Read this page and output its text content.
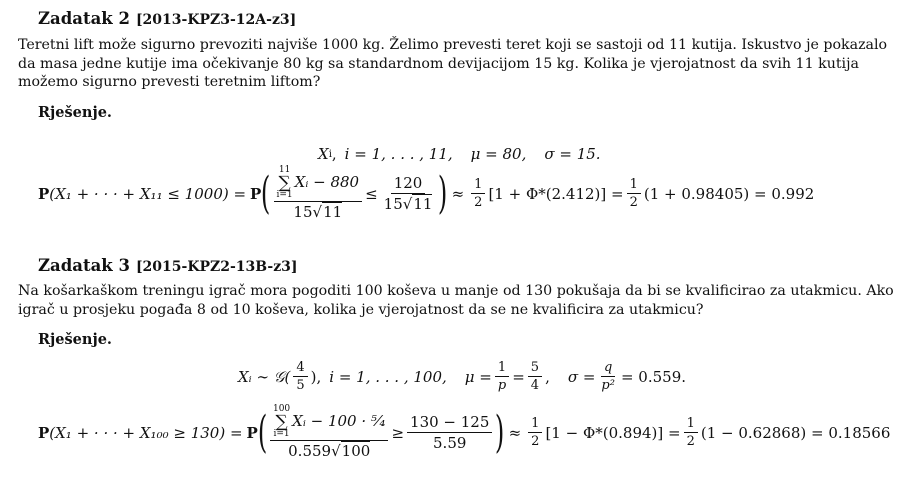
Zadatak 2 [2013-KPZ3-12A-z3]
Teretni lift može sigurno prevoziti najviše 1000 kg. Želimo prevesti teret koji se sastoji od 11 kutija. Iskustvo je pokazalo
da masa jedne kutije ima očekivanje 80 kg sa standardnom devijacijom 15 kg. Kolika je vjerojatnost da svih 11 kutija
možemo sigurno prevesti teretnim liftom?
Rješenje.
X i , i = 1, . . . , 11, μ = 80, σ = 15.
P (X₁ + · · · + X₁₁ ≤ 1000) = P ( 11
∑
i=1
Xᵢ − 880
$15√11 \le \frac{120}{15√11}$ ) ≈ $\frac{1}{2} [1 + \Phi*(2.412)] = \frac{1}{2} (1 + 0.98405) = 0.992$
Zadatak 3 [2015-KPZ2-13B-z3]
Na košarkaškom treningu igrač mora pogoditi 100 koševa u manje od 130 pokušaja da bi se kvalificirao za utakmicu. Ako
igrač u prosjeku pogađa 8 od 10 koševa, kolika je vjerojatnost da se ne kvalificira za utakmicu?
Rješenje.
Xᵢ ∼ 𝒢( $\frac{4}{5}$ ), i = 1, . . . , 100, $\mu = \frac{1}{p} = \frac{5}{4}$ , $\sigma = \frac{q}{\text{p²}} = 0.559$.
P (X₁ + · · · + X₁₀₀ ≥ 130) = P ( 100
∑
i=1
Xᵢ − 100 · ⁵⁄₄
$0.559√100 \ge \frac{130 - 125}{5.59}$ ) ≈ $\frac{1}{2} [1 - \Phi*(0.894)] = \frac{1}{2} (1 - 0.62868) = 0.18566$
